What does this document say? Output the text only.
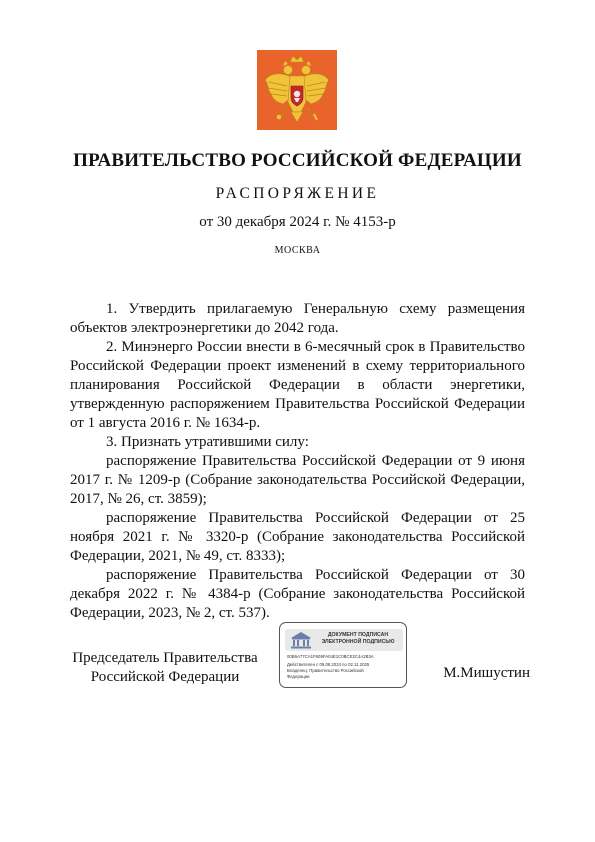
ПРАВИТЕЛЬСТВО РОССИЙСКОЙ ФЕДЕРАЦИИ
РАСПОРЯЖЕНИЕ
от 30 декабря 2024 г. № 4153-р
МОСКВА

1. Утвердить прилагаемую Генеральную схему размещения объектов электроэнергетики до 2042 года.

2. Минэнерго России внести в 6-месячный срок в Правительство Российской Федерации проект изменений в схему территориального планирования Российской Федерации в области энергетики, утвержденную распоряжением Правительства Российской Федерации от 1 августа 2016 г. № 1634-р.

3. Признать утратившими силу:

распоряжение Правительства Российской Федерации от 9 июня 2017 г. № 1209-р (Собрание законодательства Российской Федерации, 2017, № 26, ст. 3859);

распоряжение Правительства Российской Федерации от 25 ноября 2021 г. № 3320-р (Собрание законодательства Российской Федерации, 2021, № 49, ст. 8333);

распоряжение Правительства Российской Федерации от 30 декабря 2022 г. № 4384-р (Собрание законодательства Российской Федерации, 2023, № 2, ст. 537).

Председатель Правительства
Российской Федерации
ДОКУМЕНТ ПОДПИСАН
ЭЛЕКТРОННОЙ ПОДПИСЬЮ
00B6A77CA1F609FA04E1C0BCE2C4A2B3A
Действителен с 09.08.2024 по 02.11.2025
Владелец: Правительство Российской
Федерации	М.Мишустин
